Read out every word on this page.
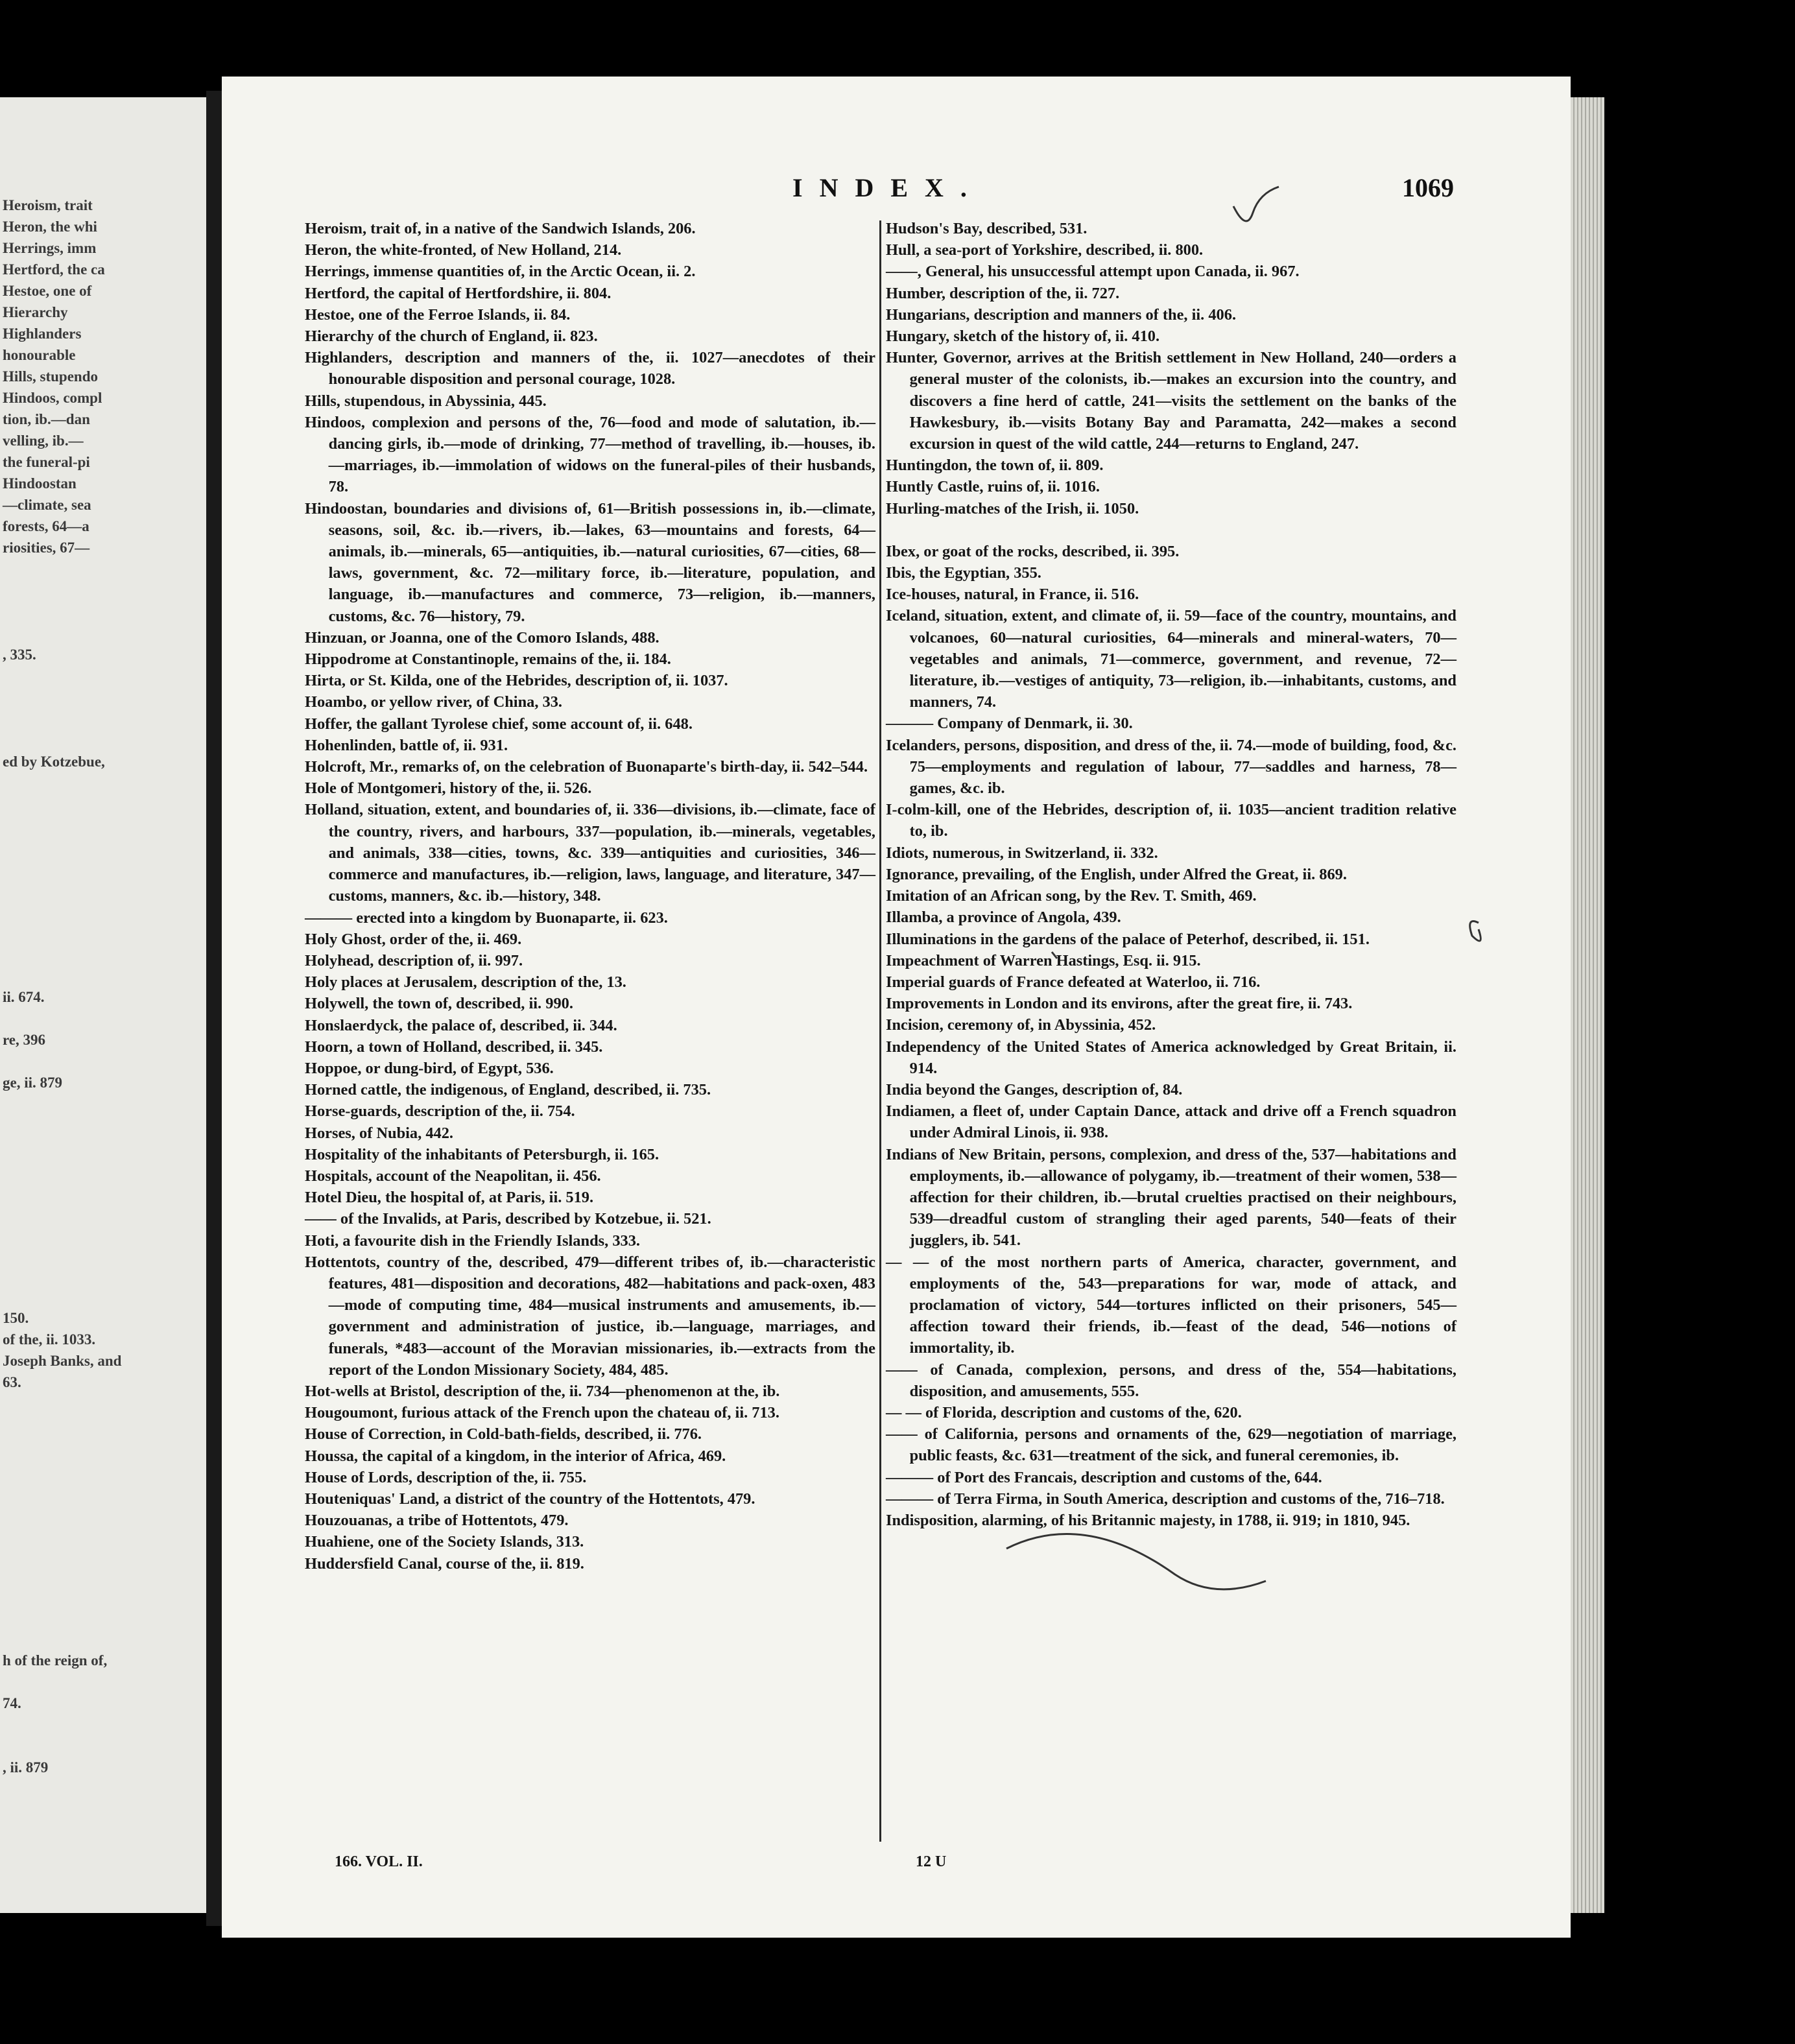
Heroism, trait
Heron, the whi
Herrings, imm
Hertford, the ca
Hestoe, one of
Hierarchy
Highlanders
honourable
Hills, stupendo
Hindoos, compl
tion, ib.—dan
velling, ib.—
the funeral-pi
Hindoostan
—climate, sea
forests, 64—a
riosities, 67—
, 335.
ed by Kotzebue,
ii. 674.
re, 396
ge, ii. 879
150.
of the, ii. 1033.
Joseph Banks, and
63.
h of the reign of,
74.
, ii. 879
INDEX.	1069
Heroism, trait of, in a native of the Sandwich Islands, 206.
Heron, the white-fronted, of New Holland, 214.
Herrings, immense quantities of, in the Arctic Ocean, ii. 2.
Hertford, the capital of Hertfordshire, ii. 804.
Hestoe, one of the Ferroe Islands, ii. 84.
Hierarchy of the church of England, ii. 823.
Highlanders, description and manners of the, ii. 1027—anecdotes of their honourable disposition and personal courage, 1028.
Hills, stupendous, in Abyssinia, 445.
Hindoos, complexion and persons of the, 76—food and mode of salutation, ib.—dancing girls, ib.—mode of drinking, 77—method of travelling, ib.—houses, ib.—marriages, ib.—immolation of widows on the funeral-piles of their husbands, 78.
Hindoostan, boundaries and divisions of, 61—British possessions in, ib.—climate, seasons, soil, &c. ib.—rivers, ib.—lakes, 63—mountains and forests, 64—animals, ib.—minerals, 65—antiquities, ib.—natural curiosities, 67—cities, 68—laws, government, &c. 72—military force, ib.—literature, population, and language, ib.—manufactures and commerce, 73—religion, ib.—manners, customs, &c. 76—history, 79.
Hinzuan, or Joanna, one of the Comoro Islands, 488.
Hippodrome at Constantinople, remains of the, ii. 184.
Hirta, or St. Kilda, one of the Hebrides, description of, ii. 1037.
Hoambo, or yellow river, of China, 33.
Hoffer, the gallant Tyrolese chief, some account of, ii. 648.
Hohenlinden, battle of, ii. 931.
Holcroft, Mr., remarks of, on the celebration of Buonaparte's birth-day, ii. 542–544.
Hole of Montgomeri, history of the, ii. 526.
Holland, situation, extent, and boundaries of, ii. 336—divisions, ib.—climate, face of the country, rivers, and harbours, 337—population, ib.—minerals, vegetables, and animals, 338—cities, towns, &c. 339—antiquities and curiosities, 346—commerce and manufactures, ib.—religion, laws, language, and literature, 347—customs, manners, &c. ib.—history, 348.
——— erected into a kingdom by Buonaparte, ii. 623.
Holy Ghost, order of the, ii. 469.
Holyhead, description of, ii. 997.
Holy places at Jerusalem, description of the, 13.
Holywell, the town of, described, ii. 990.
Honslaerdyck, the palace of, described, ii. 344.
Hoorn, a town of Holland, described, ii. 345.
Hoppoe, or dung-bird, of Egypt, 536.
Horned cattle, the indigenous, of England, described, ii. 735.
Horse-guards, description of the, ii. 754.
Horses, of Nubia, 442.
Hospitality of the inhabitants of Petersburgh, ii. 165.
Hospitals, account of the Neapolitan, ii. 456.
Hotel Dieu, the hospital of, at Paris, ii. 519.
—— of the Invalids, at Paris, described by Kotzebue, ii. 521.
Hoti, a favourite dish in the Friendly Islands, 333.
Hottentots, country of the, described, 479—different tribes of, ib.—characteristic features, 481—disposition and decorations, 482—habitations and pack-oxen, 483—mode of computing time, 484—musical instruments and amusements, ib.—government and administration of justice, ib.—language, marriages, and funerals, *483—account of the Moravian missionaries, ib.—extracts from the report of the London Missionary Society, 484, 485.
Hot-wells at Bristol, description of the, ii. 734—phenomenon at the, ib.
Hougoumont, furious attack of the French upon the chateau of, ii. 713.
House of Correction, in Cold-bath-fields, described, ii. 776.
Houssa, the capital of a kingdom, in the interior of Africa, 469.
House of Lords, description of the, ii. 755.
Houteniquas' Land, a district of the country of the Hottentots, 479.
Houzouanas, a tribe of Hottentots, 479.
Huahiene, one of the Society Islands, 313.
Huddersfield Canal, course of the, ii. 819.
Hudson's Bay, described, 531.
Hull, a sea-port of Yorkshire, described, ii. 800.
——, General, his unsuccessful attempt upon Canada, ii. 967.
Humber, description of the, ii. 727.
Hungarians, description and manners of the, ii. 406.
Hungary, sketch of the history of, ii. 410.
Hunter, Governor, arrives at the British settlement in New Holland, 240—orders a general muster of the colonists, ib.—makes an excursion into the country, and discovers a fine herd of cattle, 241—visits the settlement on the banks of the Hawkesbury, ib.—visits Botany Bay and Paramatta, 242—makes a second excursion in quest of the wild cattle, 244—returns to England, 247.
Huntingdon, the town of, ii. 809.
Huntly Castle, ruins of, ii. 1016.
Hurling-matches of the Irish, ii. 1050.
Ibex, or goat of the rocks, described, ii. 395.
Ibis, the Egyptian, 355.
Ice-houses, natural, in France, ii. 516.
Iceland, situation, extent, and climate of, ii. 59—face of the country, mountains, and volcanoes, 60—natural curiosities, 64—minerals and mineral-waters, 70—vegetables and animals, 71—commerce, government, and revenue, 72—literature, ib.—vestiges of antiquity, 73—religion, ib.—inhabitants, customs, and manners, 74.
——— Company of Denmark, ii. 30.
Icelanders, persons, disposition, and dress of the, ii. 74.—mode of building, food, &c. 75—employments and regulation of labour, 77—saddles and harness, 78—games, &c. ib.
I-colm-kill, one of the Hebrides, description of, ii. 1035—ancient tradition relative to, ib.
Idiots, numerous, in Switzerland, ii. 332.
Ignorance, prevailing, of the English, under Alfred the Great, ii. 869.
Imitation of an African song, by the Rev. T. Smith, 469.
Illamba, a province of Angola, 439.
Illuminations in the gardens of the palace of Peterhof, described, ii. 151.
Impeachment of Warren Hastings, Esq. ii. 915.
Imperial guards of France defeated at Waterloo, ii. 716.
Improvements in London and its environs, after the great fire, ii. 743.
Incision, ceremony of, in Abyssinia, 452.
Independency of the United States of America acknowledged by Great Britain, ii. 914.
India beyond the Ganges, description of, 84.
Indiamen, a fleet of, under Captain Dance, attack and drive off a French squadron under Admiral Linois, ii. 938.
Indians of New Britain, persons, complexion, and dress of the, 537—habitations and employments, ib.—allowance of polygamy, ib.—treatment of their women, 538—affection for their children, ib.—brutal cruelties practised on their neighbours, 539—dreadful custom of strangling their aged parents, 540—feats of their jugglers, ib. 541.
— — of the most northern parts of America, character, government, and employments of the, 543—preparations for war, mode of attack, and proclamation of victory, 544—tortures inflicted on their prisoners, 545—affection toward their friends, ib.—feast of the dead, 546—notions of immortality, ib.
—— of Canada, complexion, persons, and dress of the, 554—habitations, disposition, and amusements, 555.
— — of Florida, description and customs of the, 620.
—— of California, persons and ornaments of the, 629—negotiation of marriage, public feasts, &c. 631—treatment of the sick, and funeral ceremonies, ib.
——— of Port des Francais, description and customs of the, 644.
——— of Terra Firma, in South America, description and customs of the, 716–718.
Indisposition, alarming, of his Britannic majesty, in 1788, ii. 919; in 1810, 945.
166. VOL. II.	12 U
